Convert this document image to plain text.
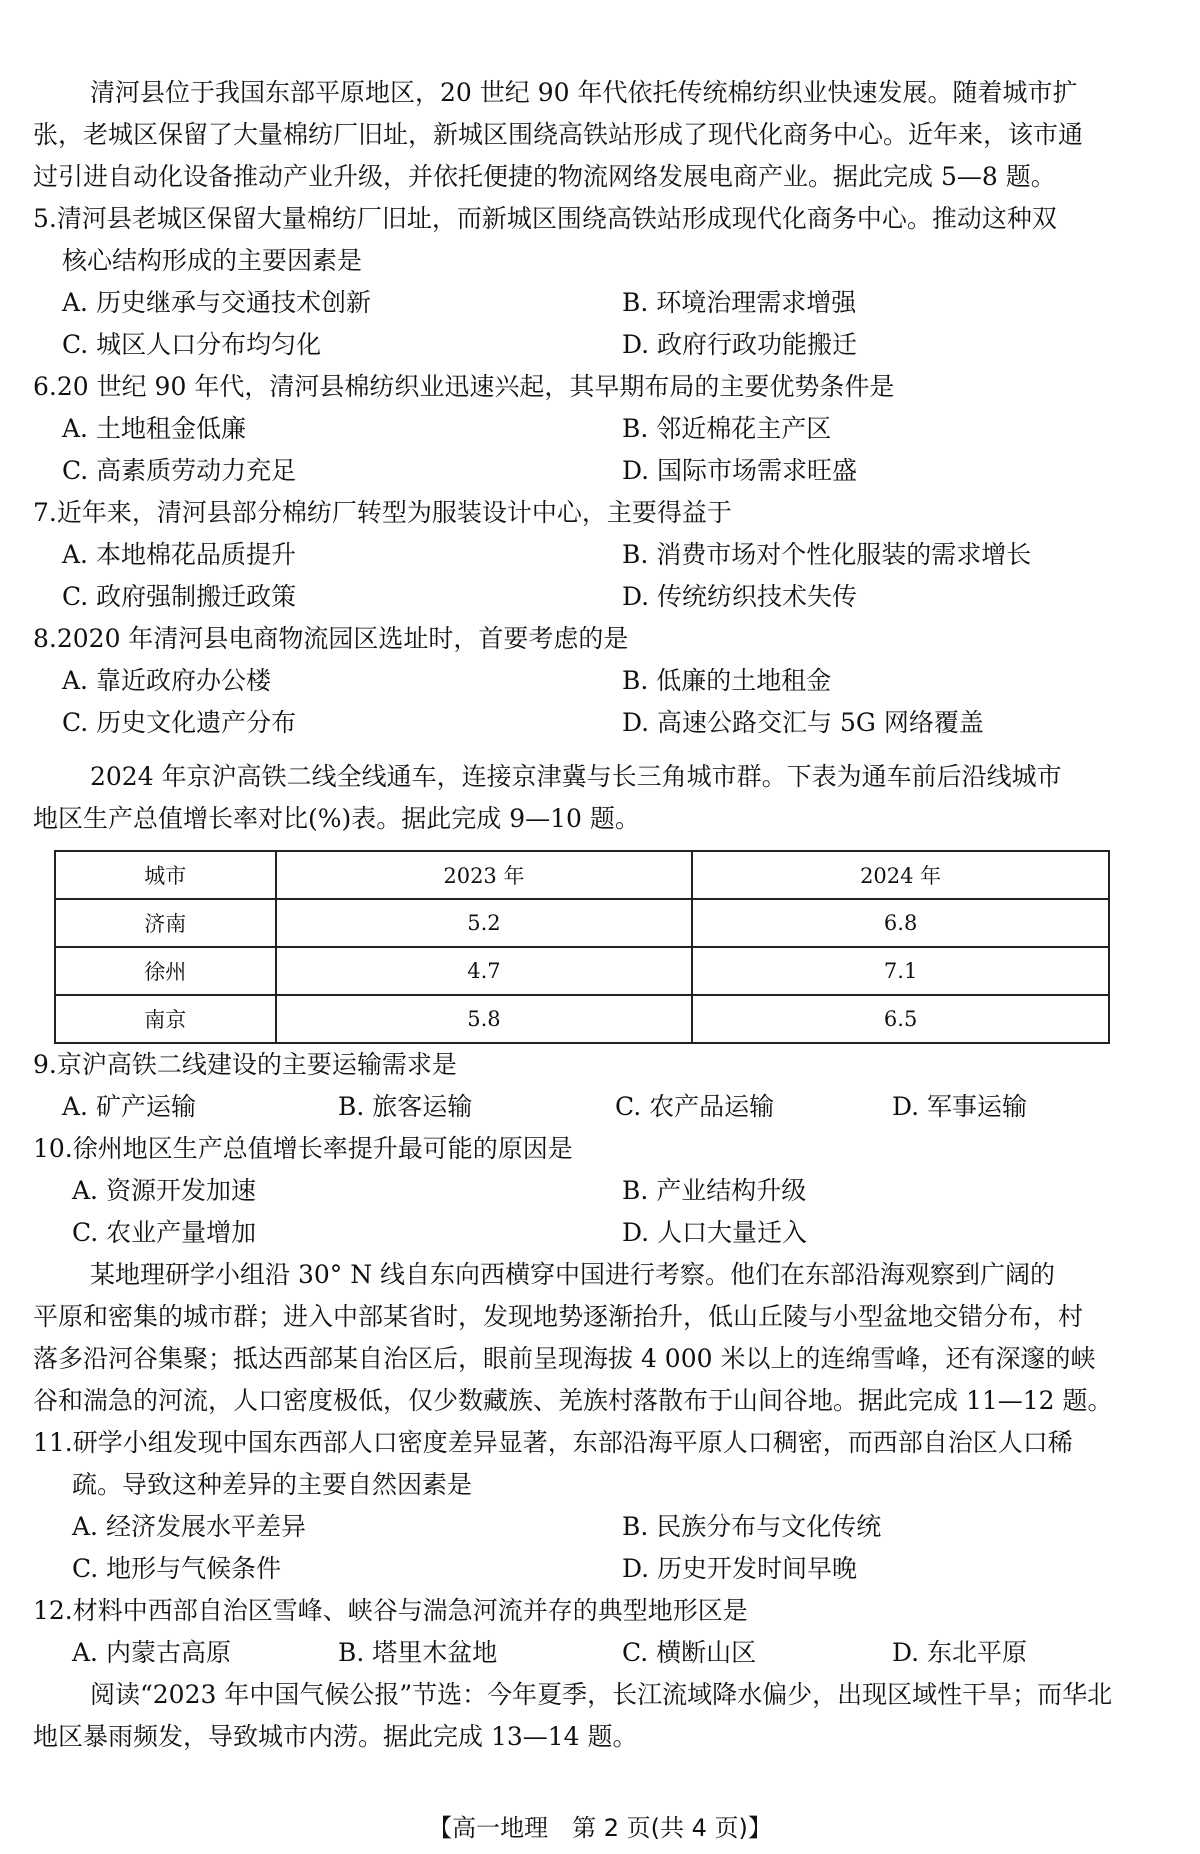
清河县位于我国东部平原地区，20 世纪 90 年代依托传统棉纺织业快速发展。随着城市扩
张，老城区保留了大量棉纺厂旧址，新城区围绕高铁站形成了现代化商务中心。近年来，该市通
过引进自动化设备推动产业升级，并依托便捷的物流网络发展电商产业。据此完成 5—8 题。
5.清河县老城区保留大量棉纺厂旧址，而新城区围绕高铁站形成现代化商务中心。推动这种双
核心结构形成的主要因素是
A. 历史继承与交通技术创新	B. 环境治理需求增强
C. 城区人口分布均匀化	D. 政府行政功能搬迁
6.20 世纪 90 年代，清河县棉纺织业迅速兴起，其早期布局的主要优势条件是
A. 土地租金低廉	B. 邻近棉花主产区
C. 高素质劳动力充足	D. 国际市场需求旺盛
7.近年来，清河县部分棉纺厂转型为服装设计中心，主要得益于
A. 本地棉花品质提升	B. 消费市场对个性化服装的需求增长
C. 政府强制搬迁政策	D. 传统纺织技术失传
8.2020 年清河县电商物流园区选址时，首要考虑的是
A. 靠近政府办公楼	B. 低廉的土地租金
C. 历史文化遗产分布	D. 高速公路交汇与 5G 网络覆盖
2024 年京沪高铁二线全线通车，连接京津冀与长三角城市群。下表为通车前后沿线城市
地区生产总值增长率对比(%)表。据此完成 9—10 题。
城市	2023 年	2024 年
济南	5.2	6.8
徐州	4.7	7.1
南京	5.8	6.5
9.京沪高铁二线建设的主要运输需求是
A. 矿产运输	B. 旅客运输	C. 农产品运输	D. 军事运输
10.徐州地区生产总值增长率提升最可能的原因是
A. 资源开发加速	B. 产业结构升级
C. 农业产量增加	D. 人口大量迁入
某地理研学小组沿 30° N 线自东向西横穿中国进行考察。他们在东部沿海观察到广阔的
平原和密集的城市群；进入中部某省时，发现地势逐渐抬升，低山丘陵与小型盆地交错分布，村
落多沿河谷集聚；抵达西部某自治区后，眼前呈现海拔 4 000 米以上的连绵雪峰，还有深邃的峡
谷和湍急的河流，人口密度极低，仅少数藏族、羌族村落散布于山间谷地。据此完成 11—12 题。
11.研学小组发现中国东西部人口密度差异显著，东部沿海平原人口稠密，而西部自治区人口稀
疏。导致这种差异的主要自然因素是
A. 经济发展水平差异	B. 民族分布与文化传统
C. 地形与气候条件	D. 历史开发时间早晚
12.材料中西部自治区雪峰、峡谷与湍急河流并存的典型地形区是
A. 内蒙古高原	B. 塔里木盆地	C. 横断山区	D. 东北平原
阅读“2023 年中国气候公报”节选：今年夏季，长江流域降水偏少，出现区域性干旱；而华北
地区暴雨频发，导致城市内涝。据此完成 13—14 题。
【高一地理　第 2 页(共 4 页)】
